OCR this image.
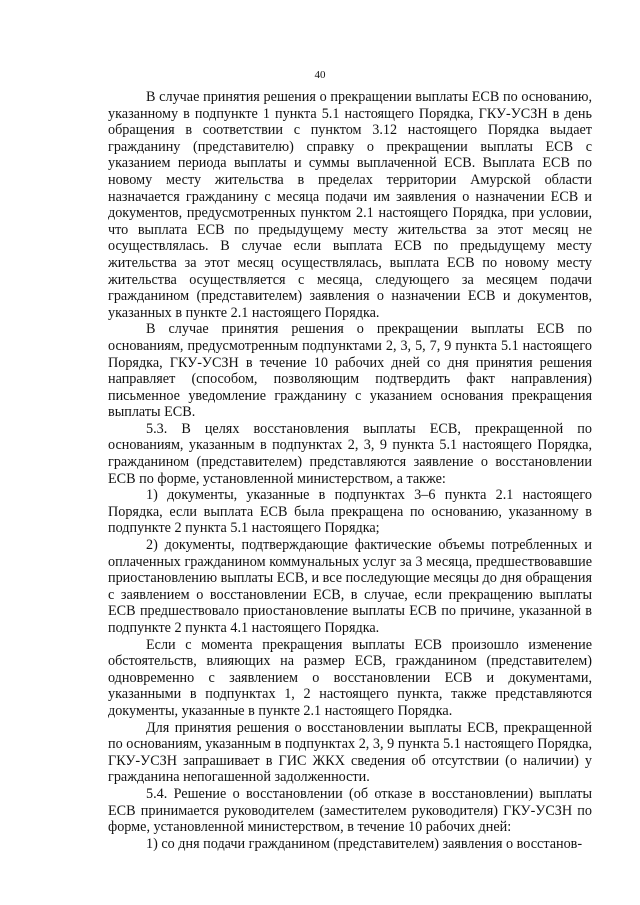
40

В случае принятия решения о прекращении выплаты ЕСВ по основанию, указанному в подпункте 1 пункта 5.1 настоящего Порядка, ГКУ-УСЗН в день обращения в соответствии с пунктом 3.12 настоящего Порядка выдает гражданину (представителю) справку о прекращении выплаты ЕСВ с указанием периода выплаты и суммы выплаченной ЕСВ. Выплата ЕСВ по новому месту жительства в пределах территории Амурской области назначается гражданину с месяца подачи им заявления о назначении ЕСВ и документов, предусмотренных пунктом 2.1 настоящего Порядка, при условии, что выплата ЕСВ по предыдущему месту жительства за этот месяц не осуществлялась. В случае если выплата ЕСВ по предыдущему месту жительства за этот месяц осуществлялась, выплата ЕСВ по новому месту жительства осуществляется с месяца, следующего за месяцем подачи гражданином (представителем) заявления о назначении ЕСВ и документов, указанных в пункте 2.1 настоящего Порядка.

В случае принятия решения о прекращении выплаты ЕСВ по основаниям, предусмотренным подпунктами 2, 3, 5, 7, 9 пункта 5.1 настоящего Порядка, ГКУ-УСЗН в течение 10 рабочих дней со дня принятия решения направляет (способом, позволяющим подтвердить факт направления) письменное уведомление гражданину с указанием основания прекращения выплаты ЕСВ.

5.3. В целях восстановления выплаты ЕСВ, прекращенной по основаниям, указанным в подпунктах 2, 3, 9 пункта 5.1 настоящего Порядка, гражданином (представителем) представляются заявление о восстановлении ЕСВ по форме, установленной министерством, а также:

1) документы, указанные в подпунктах 3–6 пункта 2.1 настоящего Порядка, если выплата ЕСВ была прекращена по основанию, указанному в подпункте 2 пункта 5.1 настоящего Порядка;

2) документы, подтверждающие фактические объемы потребленных и оплаченных гражданином коммунальных услуг за 3 месяца, предшествовавшие приостановлению выплаты ЕСВ, и все последующие месяцы до дня обращения с заявлением о восстановлении ЕСВ, в случае, если прекращению выплаты ЕСВ предшествовало приостановление выплаты ЕСВ по причине, указанной в подпункте 2 пункта 4.1 настоящего Порядка.

Если с момента прекращения выплаты ЕСВ произошло изменение обстоятельств, влияющих на размер ЕСВ, гражданином (представителем) одновременно с заявлением о восстановлении ЕСВ и документами, указанными в подпунктах 1, 2 настоящего пункта, также представляются документы, указанные в пункте 2.1 настоящего Порядка.

Для принятия решения о восстановлении выплаты ЕСВ, прекращенной по основаниям, указанным в подпунктах 2, 3, 9 пункта 5.1 настоящего Порядка, ГКУ-УСЗН запрашивает в ГИС ЖКХ сведения об отсутствии (о наличии) у гражданина непогашенной задолженности.

5.4. Решение о восстановлении (об отказе в восстановлении) выплаты ЕСВ принимается руководителем (заместителем руководителя) ГКУ-УСЗН по форме, установленной министерством, в течение 10 рабочих дней:

1) со дня подачи гражданином (представителем) заявления о восстанов-
